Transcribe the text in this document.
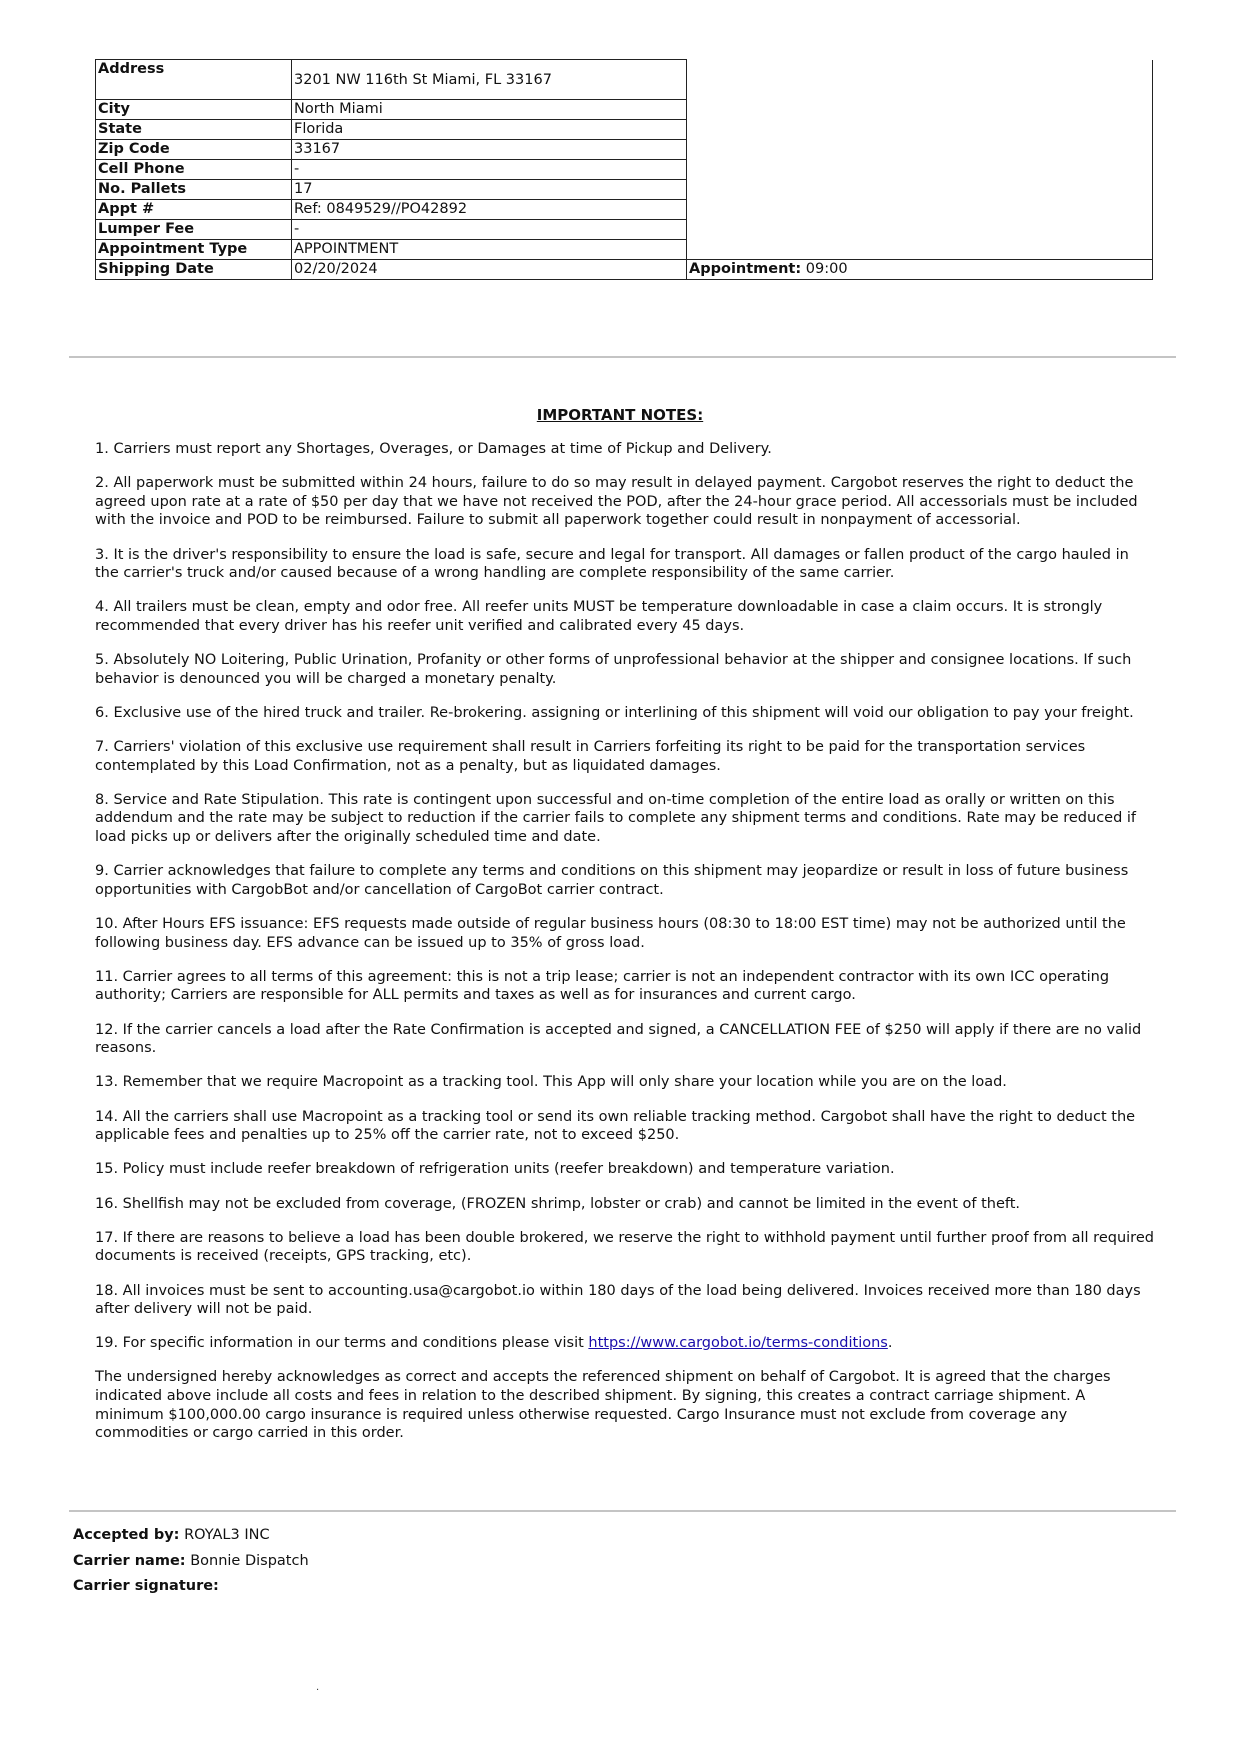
Address	3201 NW 116th St Miami, FL 33167	
City	North Miami	
State	Florida	
Zip Code	33167	
Cell Phone	-	
No. Pallets	17	
Appt #	Ref: 0849529//PO42892	
Lumper Fee	-	
Appointment Type	APPOINTMENT	
Shipping Date	02/20/2024	Appointment: 09:00
IMPORTANT NOTES:

1. Carriers must report any Shortages, Overages, or Damages at time of Pickup and Delivery.

2. All paperwork must be submitted within 24 hours, failure to do so may result in delayed payment. Cargobot reserves the right to deduct the agreed upon rate at a rate of $50 per day that we have not received the POD, after the 24-hour grace period. All accessorials must be included with the invoice and POD to be reimbursed. Failure to submit all paperwork together could result in nonpayment of accessorial.

3. It is the driver's responsibility to ensure the load is safe, secure and legal for transport. All damages or fallen product of the cargo hauled in the carrier's truck and/or caused because of a wrong handling are complete responsibility of the same carrier.

4. All trailers must be clean, empty and odor free. All reefer units MUST be temperature downloadable in case a claim occurs. It is strongly recommended that every driver has his reefer unit verified and calibrated every 45 days.

5. Absolutely NO Loitering, Public Urination, Profanity or other forms of unprofessional behavior at the shipper and consignee locations. If such behavior is denounced you will be charged a monetary penalty.

6. Exclusive use of the hired truck and trailer. Re-brokering. assigning or interlining of this shipment will void our obligation to pay your freight.

7. Carriers' violation of this exclusive use requirement shall result in Carriers forfeiting its right to be paid for the transportation services contemplated by this Load Confirmation, not as a penalty, but as liquidated damages.

8. Service and Rate Stipulation. This rate is contingent upon successful and on-time completion of the entire load as orally or written on this addendum and the rate may be subject to reduction if the carrier fails to complete any shipment terms and conditions. Rate may be reduced if load picks up or delivers after the originally scheduled time and date.

9. Carrier acknowledges that failure to complete any terms and conditions on this shipment may jeopardize or result in loss of future business opportunities with CargobBot and/or cancellation of CargoBot carrier contract.

10. After Hours EFS issuance: EFS requests made outside of regular business hours (08:30 to 18:00 EST time) may not be authorized until the following business day. EFS advance can be issued up to 35% of gross load.

11. Carrier agrees to all terms of this agreement: this is not a trip lease; carrier is not an independent contractor with its own ICC operating authority; Carriers are responsible for ALL permits and taxes as well as for insurances and current cargo.

12. If the carrier cancels a load after the Rate Confirmation is accepted and signed, a CANCELLATION FEE of $250 will apply if there are no valid reasons.

13. Remember that we require Macropoint as a tracking tool. This App will only share your location while you are on the load.

14. All the carriers shall use Macropoint as a tracking tool or send its own reliable tracking method. Cargobot shall have the right to deduct the applicable fees and penalties up to 25% off the carrier rate, not to exceed $250.

15. Policy must include reefer breakdown of refrigeration units (reefer breakdown) and temperature variation.

16. Shellfish may not be excluded from coverage, (FROZEN shrimp, lobster or crab) and cannot be limited in the event of theft.

17. If there are reasons to believe a load has been double brokered, we reserve the right to withhold payment until further proof from all required documents is received (receipts, GPS tracking, etc).

18. All invoices must be sent to accounting.usa@cargobot.io within 180 days of the load being delivered. Invoices received more than 180 days after delivery will not be paid.

19. For specific information in our terms and conditions please visit https://www.cargobot.io/terms-conditions.

The undersigned hereby acknowledges as correct and accepts the referenced shipment on behalf of Cargobot. It is agreed that the charges indicated above include all costs and fees in relation to the described shipment. By signing, this creates a contract carriage shipment. A minimum $100,000.00 cargo insurance is required unless otherwise requested. Cargo Insurance must not exclude from coverage any commodities or cargo carried in this order.

Accepted by: ROYAL3 INC
Carrier name: Bonnie Dispatch
Carrier signature:
.
